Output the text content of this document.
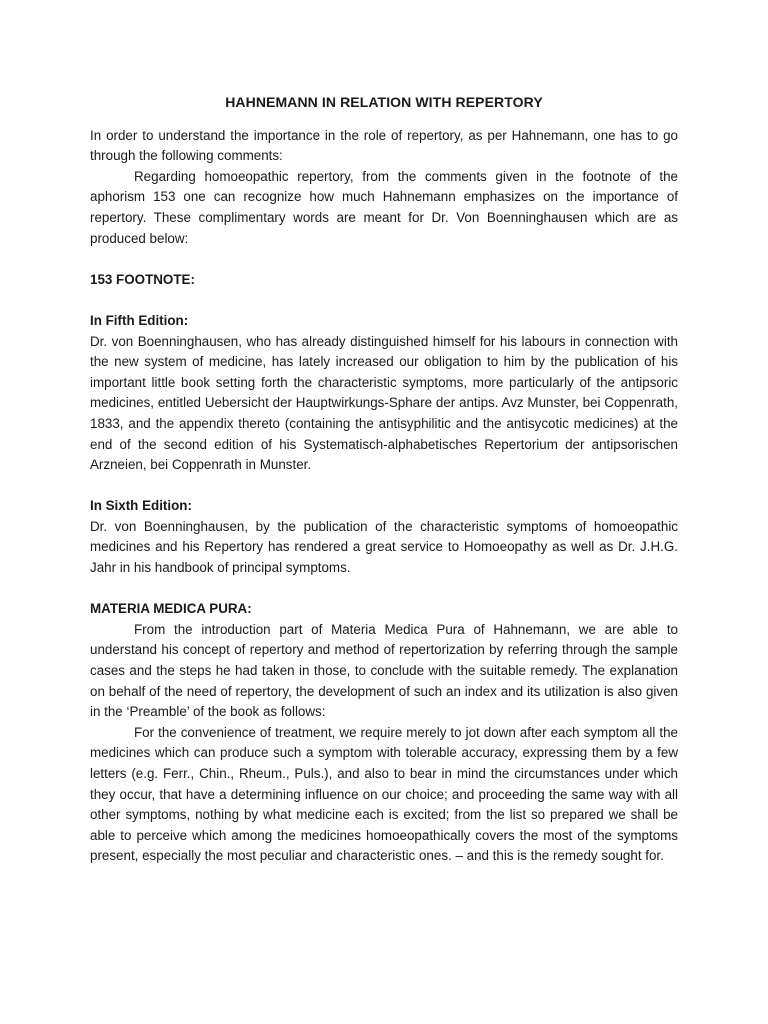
HAHNEMANN IN RELATION WITH REPERTORY

In order to understand the importance in the role of repertory, as per Hahnemann, one has to go through the following comments:

Regarding homoeopathic repertory, from the comments given in the footnote of the aphorism 153 one can recognize how much Hahnemann emphasizes on the importance of repertory. These complimentary words are meant for Dr. Von Boenninghausen which are as produced below:

153 FOOTNOTE:
In Fifth Edition:

Dr. von Boenninghausen, who has already distinguished himself for his labours in connection with the new system of medicine, has lately increased our obligation to him by the publication of his important little book setting forth the characteristic symptoms, more particularly of the antipsoric medicines, entitled Uebersicht der Hauptwirkungs-Sphare der antips. Avz Munster, bei Coppenrath, 1833, and the appendix thereto (containing the antisyphilitic and the antisycotic medicines) at the end of the second edition of his Systematisch-alphabetisches Repertorium der antipsorischen Arzneien, bei Coppenrath in Munster.

In Sixth Edition:

Dr. von Boenninghausen, by the publication of the characteristic symptoms of homoeopathic medicines and his Repertory has rendered a great service to Homoeopathy as well as Dr. J.H.G. Jahr in his handbook of principal symptoms.

MATERIA MEDICA PURA:

From the introduction part of Materia Medica Pura of Hahnemann, we are able to understand his concept of repertory and method of repertorization by referring through the sample cases and the steps he had taken in those, to conclude with the suitable remedy. The explanation on behalf of the need of repertory, the development of such an index and its utilization is also given in the ‘Preamble’ of the book as follows:

For the convenience of treatment, we require merely to jot down after each symptom all the medicines which can produce such a symptom with tolerable accuracy, expressing them by a few letters (e.g. Ferr., Chin., Rheum., Puls.), and also to bear in mind the circumstances under which they occur, that have a determining influence on our choice; and proceeding the same way with all other symptoms, nothing by what medicine each is excited; from the list so prepared we shall be able to perceive which among the medicines homoeopathically covers the most of the symptoms present, especially the most peculiar and characteristic ones. – and this is the remedy sought for.
